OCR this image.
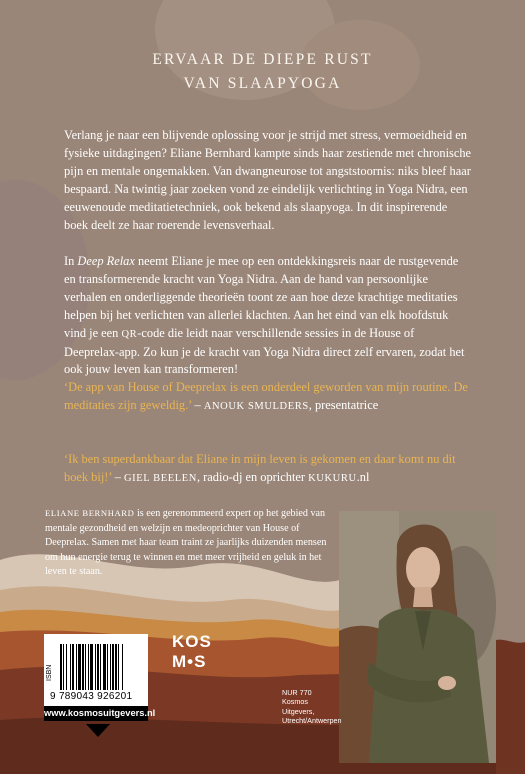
ERVAAR DE DIEPE RUST
VAN SLAAPYOGA

Verlang je naar een blijvende oplossing voor je strijd met stress, vermoeidheid en fysieke uitdagingen? Eliane Bernhard kampte sinds haar zestiende met chronische pijn en mentale ongemakken. Van dwangneurose tot angststoornis: niks bleef haar bespaard. Na twintig jaar zoeken vond ze eindelijk verlichting in Yoga Nidra, een eeuwenoude meditatietechniek, ook bekend als slaapyoga. In dit inspirerende boek deelt ze haar roerende levensverhaal.

In Deep Relax neemt Eliane je mee op een ontdekkingsreis naar de rustgevende en transformerende kracht van Yoga Nidra. Aan de hand van persoonlijke verhalen en onderliggende theorieën toont ze aan hoe deze krachtige meditaties helpen bij het verlichten van allerlei klachten. Aan het eind van elk hoofdstuk vind je een QR-code die leidt naar verschillende sessies in de House of Deeprelax-app. Zo kun je de kracht van Yoga Nidra direct zelf ervaren, zodat het ook jouw leven kan transformeren!

‘De app van House of Deeprelax is een onderdeel geworden van mijn routine. De meditaties zijn geweldig.’ – ANOUK SMULDERS, presentatrice

‘Ik ben superdankbaar dat Eliane in mijn leven is gekomen en daar komt nu dit boek bij!’ – GIEL BEELEN, radio-dj en oprichter KUKURU.nl

ELIANE BERNHARD is een gerenommeerd expert op het gebied van mentale gezondheid en welzijn en medeoprichter van House of Deeprelax. Samen met haar team traint ze jaarlijks duizenden mensen om hun energie terug te winnen en met meer vrijheid en geluk in het leven te staan.

ISBN
9 789043 926201
www.kosmosuitgevers.nl
KOS
M•S
NUR 770
Kosmos Uitgevers,
Utrecht/Antwerpen
